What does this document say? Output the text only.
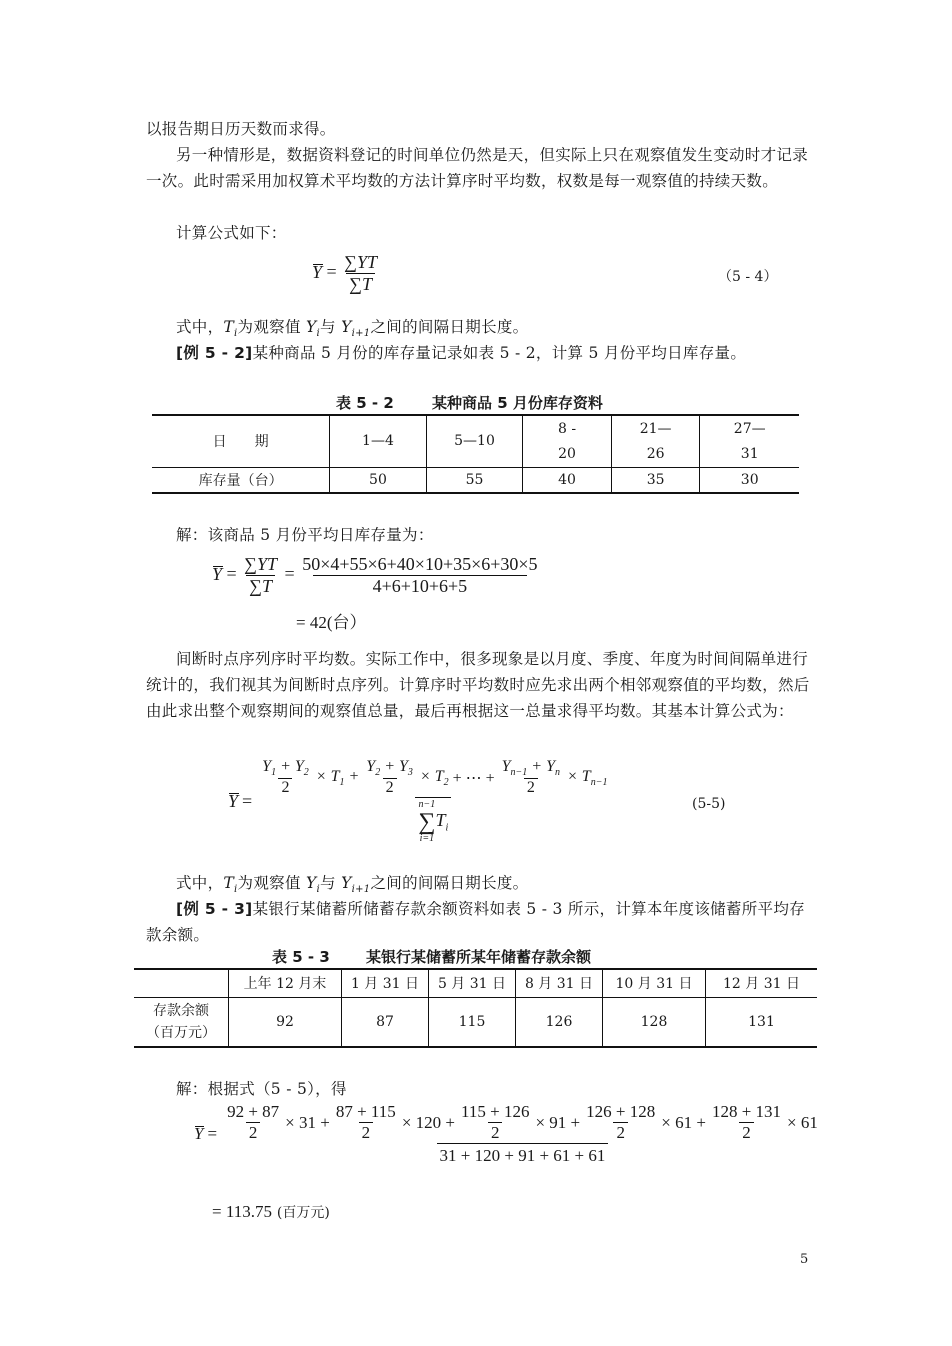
以报告期日历天数而求得。
另一种情形是，数据资料登记的时间单位仍然是天，但实际上只在观察值发生变动时才记录一次。此时需采用加权算术平均数的方法计算序时平均数，权数是每一观察值的持续天数。
计算公式如下：
$Y = \frac{\sum YT}{\sum T}$	（5 - 4）
式中，$T_i$为观察值 $Y_i$与 $Y_{i+1}$之间的间隔日期长度。
[例 5 - 2]某种商品 5 月份的库存量记录如表 5 - 2，计算 5 月份平均日库存量。
表 5 - 2	某种商品 5 月份库存资料
日　　期	1—4	5—10	8 -	21—	27—
			20	26	31
库存量（台）	50	55	40	35	30
解：该商品 5 月份平均日库存量为：
$Y = \frac{\sum YT}{\sum T} = \frac{50\times 4+55\times 6+40\times 10+35\times 6+30\times 5}{4+6+10+6+5}$
= 42(台）
间断时点序列序时平均数。实际工作中，很多现象是以月度、季度、年度为时间间隔单进行统计的，我们视其为间断时点序列。计算序时平均数时应先求出两个相邻观察值的平均数，然后由此求出整个观察期间的观察值总量，最后再根据这一总量求得平均数。其基本计算公式为：
Y =
$\frac{Y_1 + Y_2}{2} \times T_1 + \frac{Y_2 + Y_3}{2} \times T_2$ + ⋯ + $\frac{Y_{n-1} + Y_n}{2} \times T_{n-1}$
n−1
∑
i=1
$T_i$
(5-5)
式中，$T_i$为观察值 $Y_i$与 $Y_{i+1}$之间的间隔日期长度。
[例 5 - 3]某银行某储蓄所储蓄存款余额资料如表 5 - 3 所示，计算本年度该储蓄所平均存款余额。
表 5 - 3 某银行某储蓄所某年储蓄存款余额
	上年 12 月末	1 月 31 日	5 月 31 日	8 月 31 日	10 月 31 日	12 月 31 日

存款余额
（百万元）	92	87	115	126	128	131
解：根据式（5 - 5），得
$Y = \frac{92 + 87}{2} \times 31 + \frac{87 + 115}{2} \times 120 + \frac{115 + 126}{2} \times 91 + \frac{126 + 128}{2} \times 61 + \frac{128 + 131}{2} \times 61$
31 + 120 + 91 + 61 + 61
= 113.75 (百万元)
5
